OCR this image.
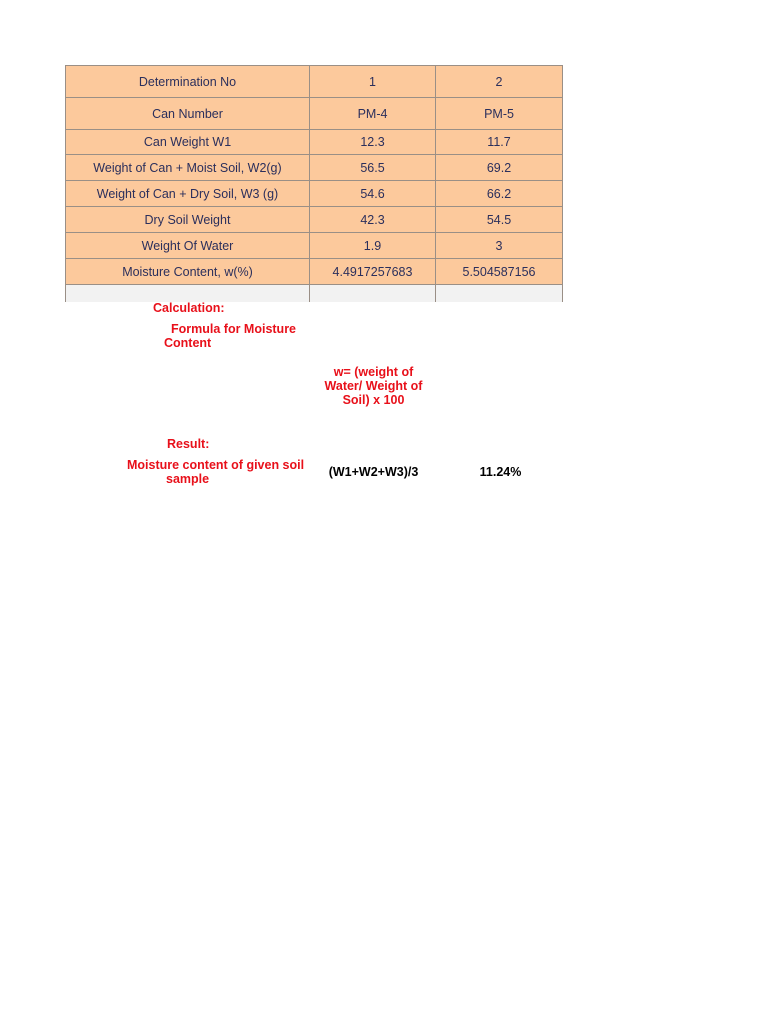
Determination No	1	2
Can Number	PM-4	PM-5
Can Weight W1	12.3	11.7
Weight of Can + Moist Soil, W2(g)	56.5	69.2
Weight of Can + Dry Soil, W3 (g)	54.6	66.2
Dry Soil Weight	42.3	54.5
Weight Of Water	1.9	3
Moisture Content, w(%)	4.4917257683	5.504587156

Calculation:

Formula for Moisture
Content
w= (weight of
Water/ Weight of
Soil) x 100

Result:

Moisture content of given soil
sample	(W1+W2+W3)/3	11.24%
